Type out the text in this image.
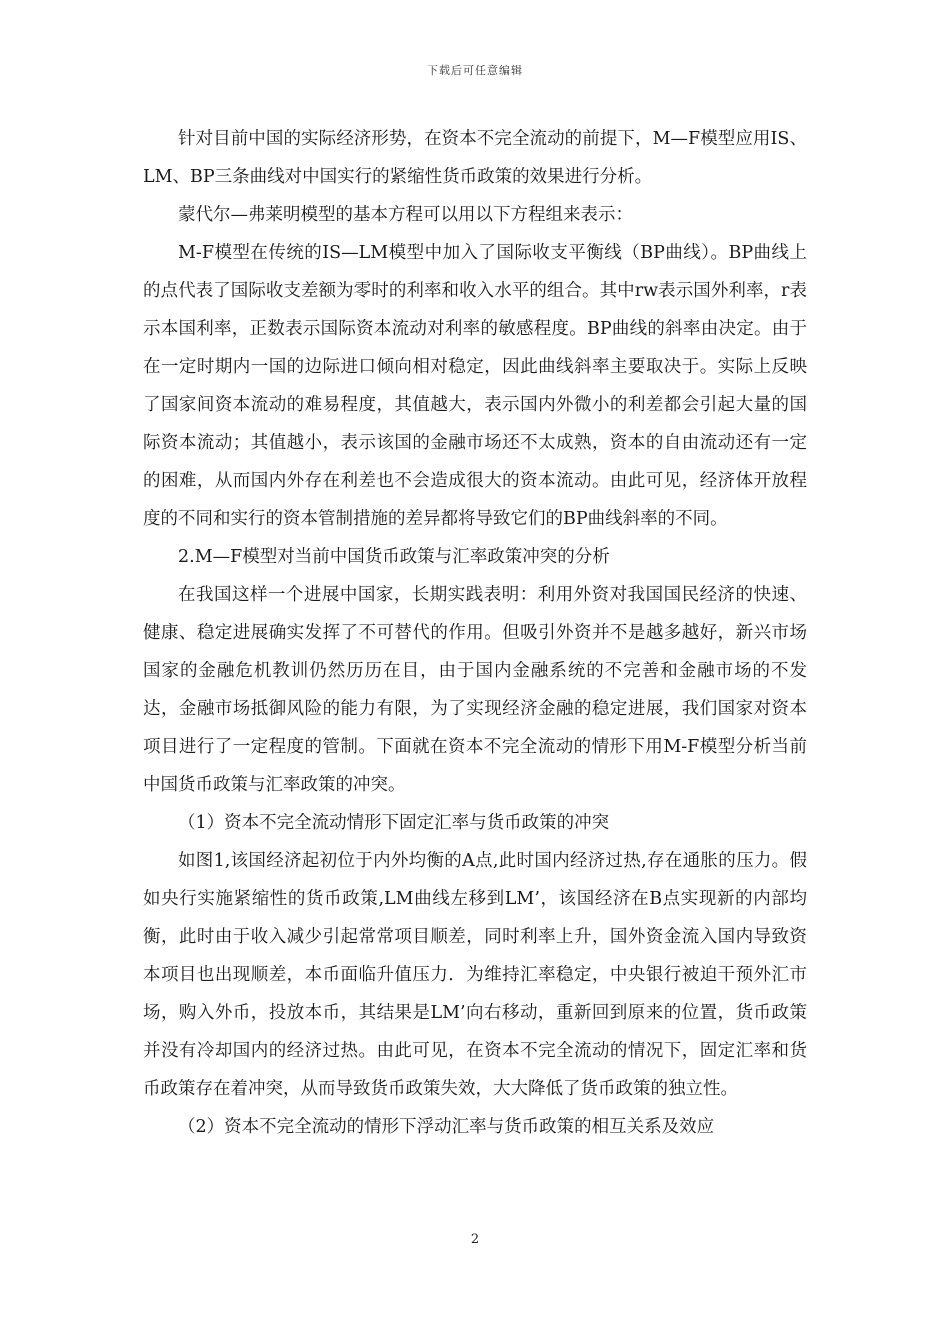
下载后可任意编辑

针对目前中国的实际经济形势，在资本不完全流动的前提下，M—F模型应用IS、LM、BP三条曲线对中国实行的紧缩性货币政策的效果进行分析。

蒙代尔—弗莱明模型的基本方程可以用以下方程组来表示：

M-F模型在传统的IS—LM模型中加入了国际收支平衡线（BP曲线）。BP曲线上的点代表了国际收支差额为零时的利率和收入水平的组合。其中rw表示国外利率，r表示本国利率，正数表示国际资本流动对利率的敏感程度。BP曲线的斜率由决定。由于在一定时期内一国的边际进口倾向相对稳定，因此曲线斜率主要取决于。实际上反映了国家间资本流动的难易程度，其值越大，表示国内外微小的利差都会引起大量的国际资本流动；其值越小，表示该国的金融市场还不太成熟，资本的自由流动还有一定的困难，从而国内外存在利差也不会造成很大的资本流动。由此可见，经济体开放程度的不同和实行的资本管制措施的差异都将导致它们的BP曲线斜率的不同。

2.M—F模型对当前中国货币政策与汇率政策冲突的分析

在我国这样一个进展中国家，长期实践表明：利用外资对我国国民经济的快速、健康、稳定进展确实发挥了不可替代的作用。但吸引外资并不是越多越好，新兴市场国家的金融危机教训仍然历历在目，由于国内金融系统的不完善和金融市场的不发达，金融市场抵御风险的能力有限，为了实现经济金融的稳定进展，我们国家对资本项目进行了一定程度的管制。下面就在资本不完全流动的情形下用M-F模型分析当前中国货币政策与汇率政策的冲突。

（1）资本不完全流动情形下固定汇率与货币政策的冲突

如图1,该国经济起初位于内外均衡的A点,此时国内经济过热,存在通胀的压力。假如央行实施紧缩性的货币政策,LM曲线左移到LM’，该国经济在B点实现新的内部均衡，此时由于收入减少引起常常项目顺差，同时利率上升，国外资金流入国内导致资本项目也出现顺差，本币面临升值压力．为维持汇率稳定，中央银行被迫干预外汇市场，购入外币，投放本币，其结果是LM’向右移动，重新回到原来的位置，货币政策并没有冷却国内的经济过热。由此可见，在资本不完全流动的情况下，固定汇率和货币政策存在着冲突，从而导致货币政策失效，大大降低了货币政策的独立性。

（2）资本不完全流动的情形下浮动汇率与货币政策的相互关系及效应

2
